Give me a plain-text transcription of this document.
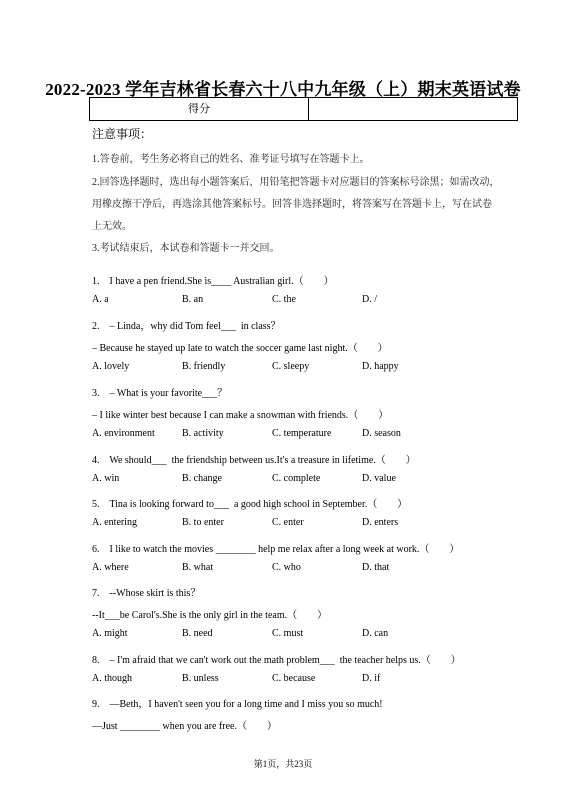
2022-2023 学年吉林省长春六十八中九年级（上）期末英语试卷
得分
注意事项：
1.答卷前，考生务必将自己的姓名、准考证号填写在答题卡上。
2.回答选择题时，选出每小题答案后，用铅笔把答题卡对应题目的答案标号涂黑；如需改动，
用橡皮擦干净后，再选涂其他答案标号。回答非选择题时，将答案写在答题卡上，写在试卷
上无效。
3.考试结束后，本试卷和答题卡一并交回。
1.    I have a pen friend.She is____ Australian girl.（        ）
A. a	B. an	C. the	D. /
2.    – Linda，why did Tom feel___  in class？
– Because he stayed up late to watch the soccer game last night.（        ）
A. lovely	B. friendly	C. sleepy	D. happy
3.    – What is your favorite___？
– I like winter best because I can make a snowman with friends.（        ）
A. environment	B. activity	C. temperature	D. season
4.    We should___  the friendship between us.It's a treasure in lifetime.（        ）
A. win	B. change	C. complete	D. value
5.    Tina is looking forward to___  a good high school in September.（        ）
A. entering	B. to enter	C. enter	D. enters
6.    I like to watch the movies ________ help me relax after a long week at work.（        ）
A. where	B. what	C. who	D. that
7.    --Whose skirt is this？
--It___be Carol's.She is the only girl in the team.（        ）
A. might	B. need	C. must	D. can
8.    – I'm afraid that we can't work out the math problem___  the teacher helps us.（        ）
A. though	B. unless	C. because	D. if
9.    —Beth，I haven't seen you for a long time and I miss you so much!
—Just ________ when you are free.（        ）
第1页，共23页
